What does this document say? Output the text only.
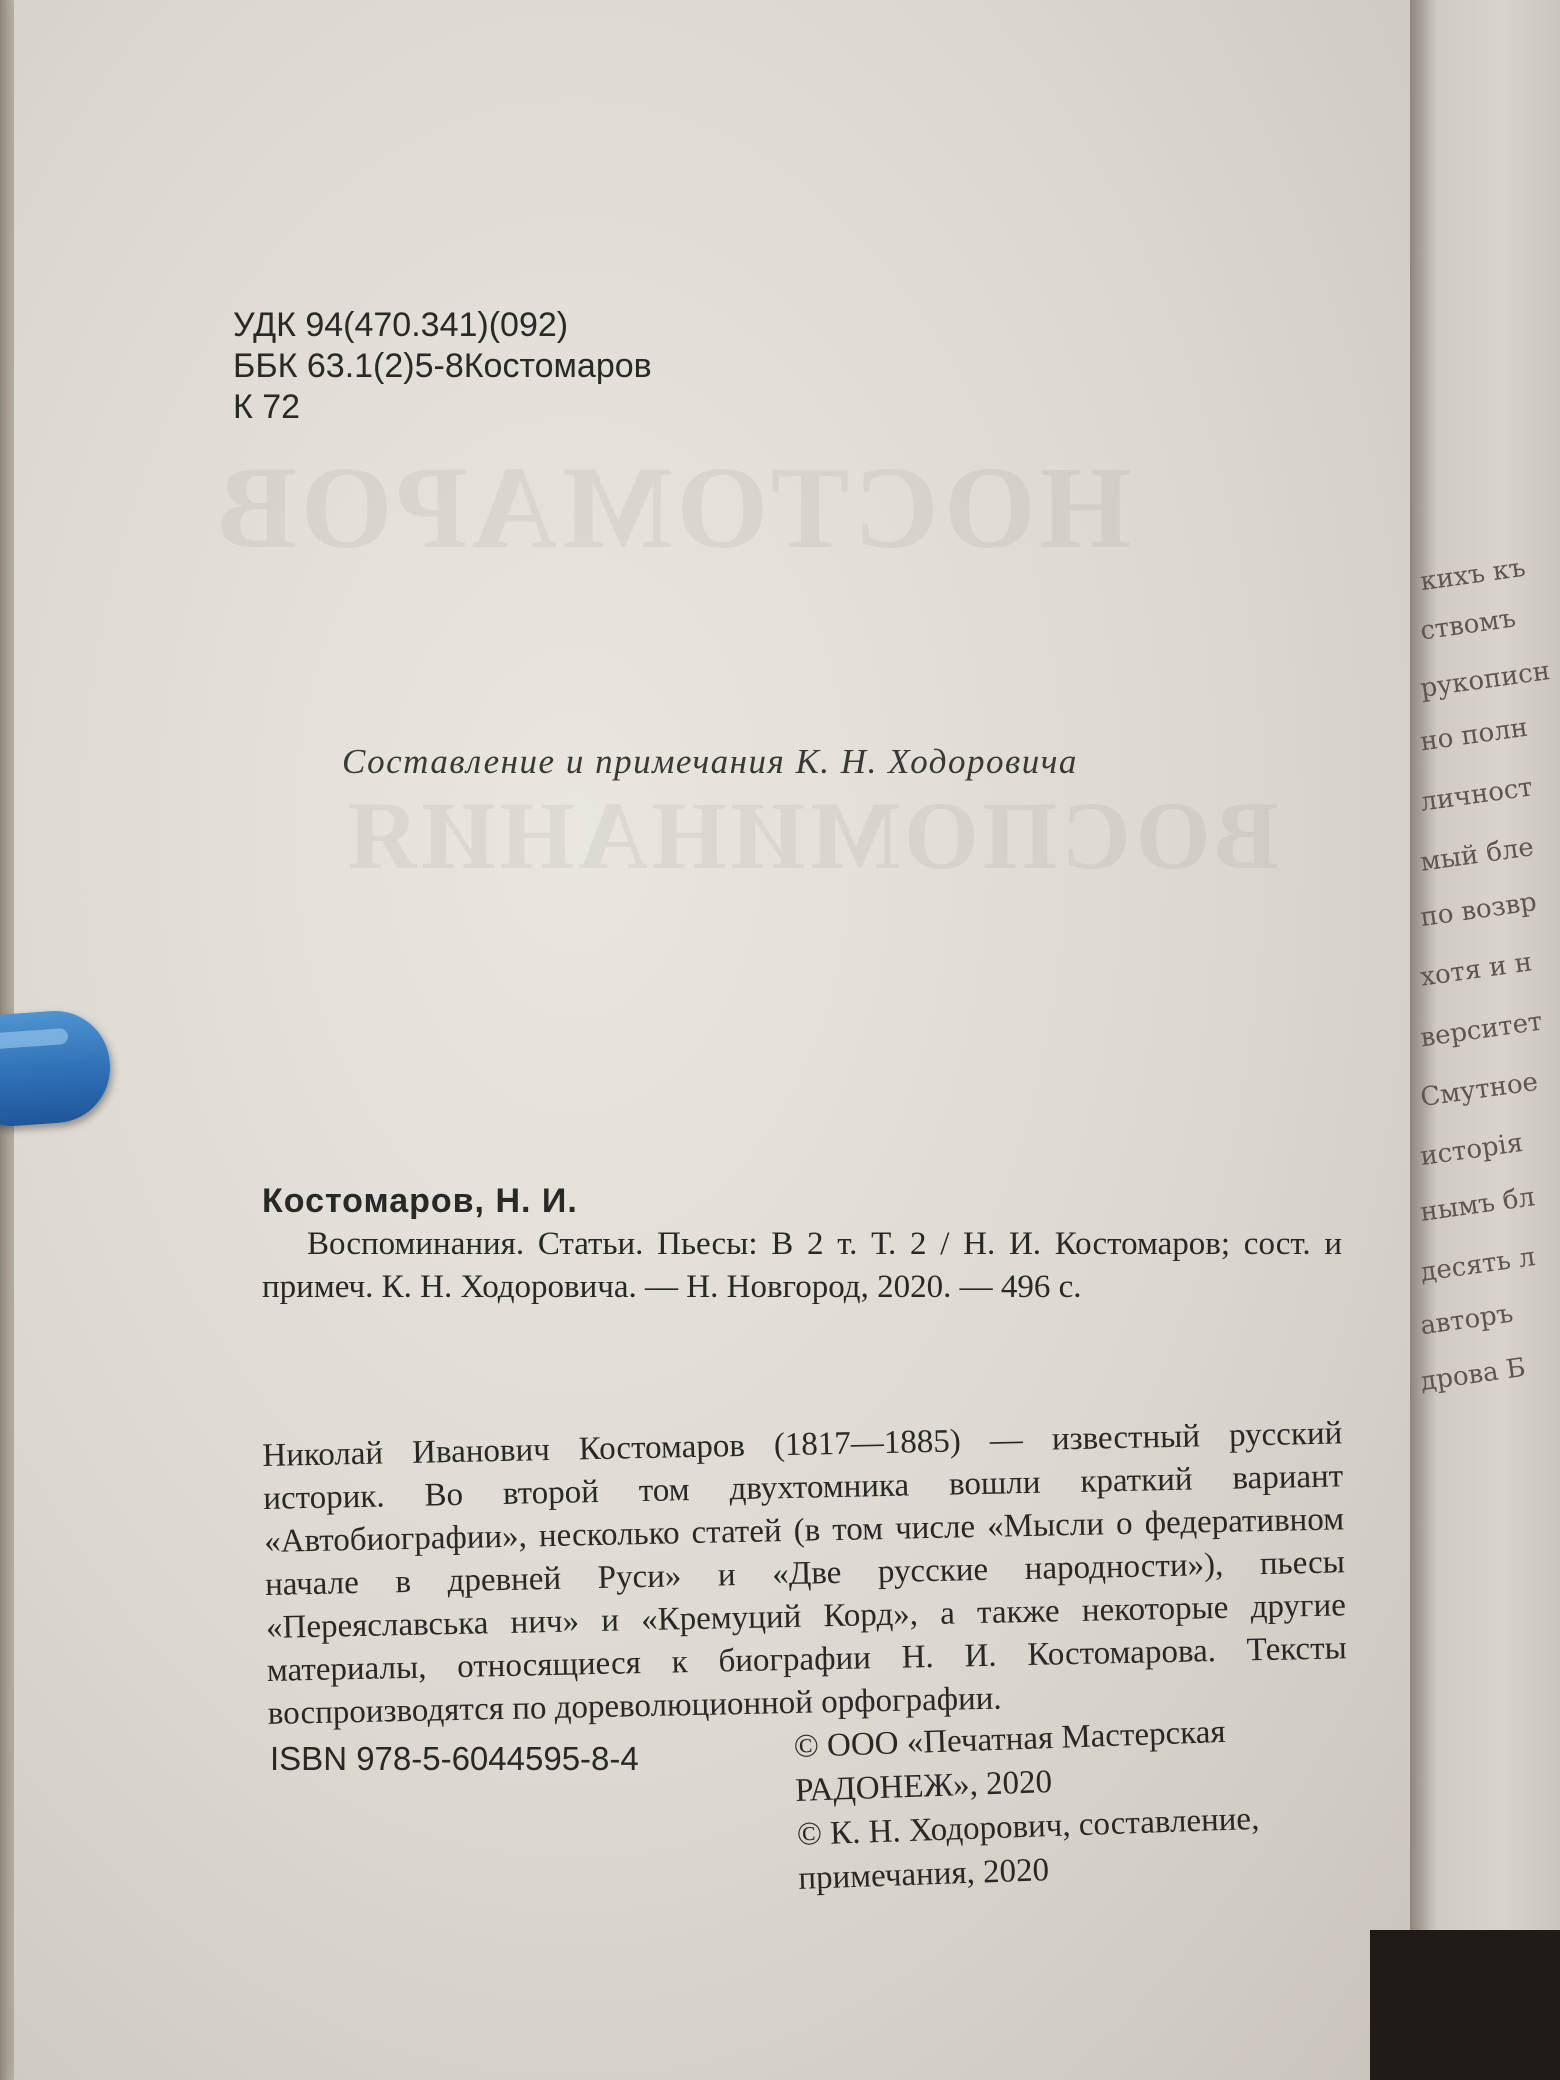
НОСТОМАРОВ
ВОСПОМИНАНИЯ
кихъ къ
ствомъ
рукописн
но полн
личност
мый бле
по возвр
хотя и н
верситет
Смутное
исторія
нымъ бл
десять л
авторъ
дрова Б
УДК 94(470.341)(092)
ББК 63.1(2)5-8Костомаров
К 72
Составление и примечания К. Н. Ходоровича
Костомаров, Н. И.
Воспоминания. Статьи. Пьесы: В 2 т. Т. 2 / Н. И. Костомаров; сост. и примеч. К. Н. Ходоровича. — Н. Новгород, 2020. — 496 с.
Николай Иванович Костомаров (1817—1885) — известный русский историк. Во второй том двухтомника вошли краткий вариант «Автобиографии», несколько статей (в том числе «Мысли о федеративном начале в древней Руси» и «Две русские народности»), пьесы «Переяславська нич» и «Кремуций Корд», а также некоторые другие материалы, относящиеся к биографии Н. И. Костомарова. Тексты воспроизводятся по дореволюционной орфографии.
ISBN 978-5-6044595-8-4	© ООО «Печатная Мастерская
РАДОНЕЖ», 2020
© К. Н. Ходорович, составление,
примечания, 2020
